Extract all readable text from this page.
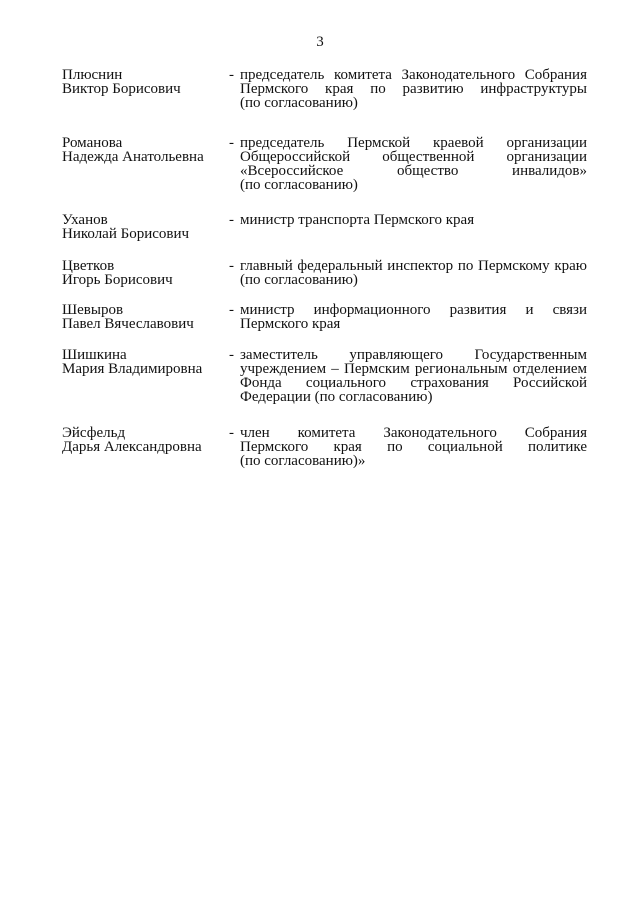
3
Плюснин
Виктор Борисович
- председатель комитета Законодательного Собрания
Пермского края по развитию инфраструктуры
(по согласованию)
Романова
Надежда Анатольевна
- председатель Пермской краевой организации
Общероссийской общественной организации
«Всероссийское общество инвалидов»
(по согласованию)
Уханов
Николай Борисович
- министр транспорта Пермского края
Цветков
Игорь Борисович
- главный федеральный инспектор по Пермскому краю
(по согласованию)
Шевыров
Павел Вячеславович
- министр информационного развития и связи
Пермского края
Шишкина
Мария Владимировна
- заместитель управляющего Государственным
учреждением – Пермским региональным отделением
Фонда социального страхования Российской
Федерации (по согласованию)
Эйсфельд
Дарья Александровна
- член комитета Законодательного Собрания
Пермского края по социальной политике
(по согласованию)»
